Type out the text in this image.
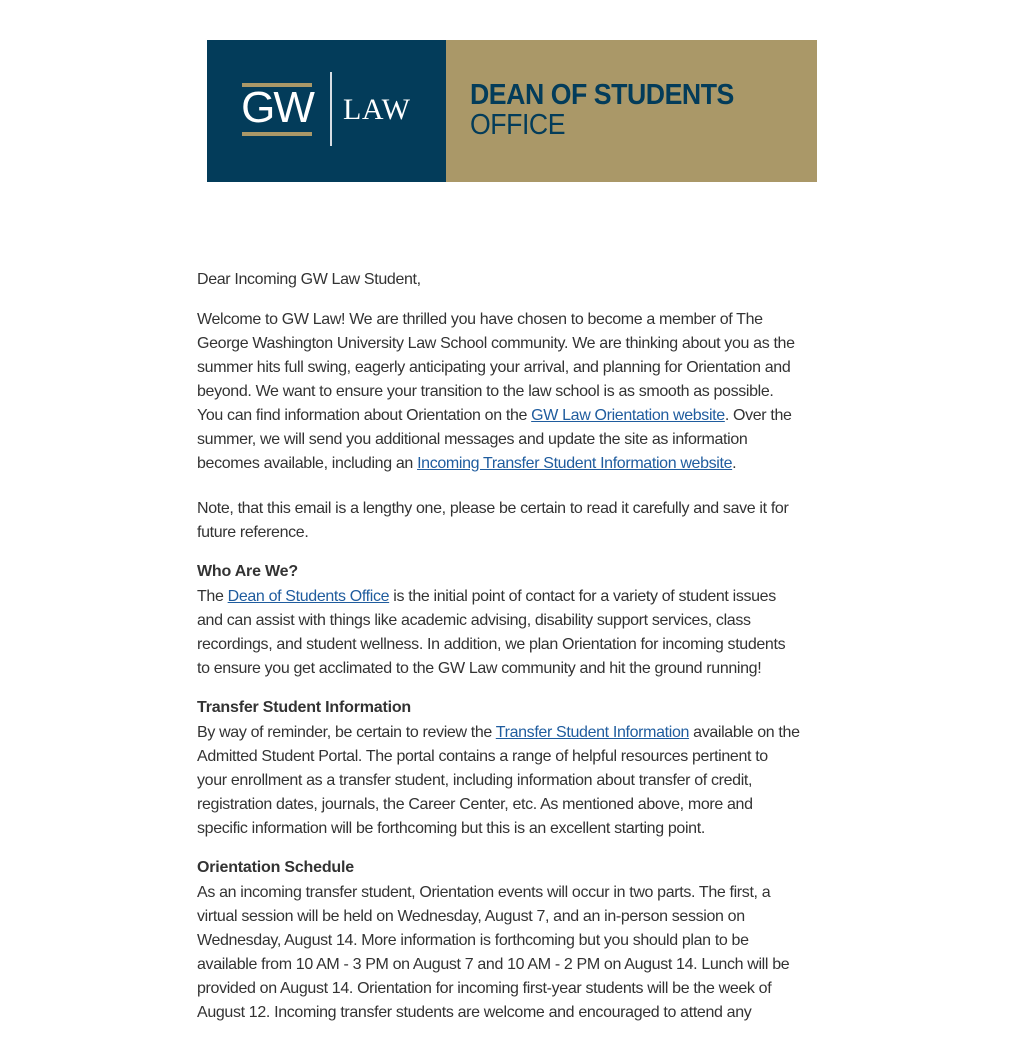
GW LAW DEAN OF STUDENTS
OFFICE

Dear Incoming GW Law Student,

Welcome to GW Law! We are thrilled you have chosen to become a member of The
George Washington University Law School community. We are thinking about you as the
summer hits full swing, eagerly anticipating your arrival, and planning for Orientation and
beyond. We want to ensure your transition to the law school is as smooth as possible.
You can find information about Orientation on the GW Law Orientation website. Over the
summer, we will send you additional messages and update the site as information
becomes available, including an Incoming Transfer Student Information website.

Note, that this email is a lengthy one, please be certain to read it carefully and save it for
future reference.

Who Are We?
The Dean of Students Office is the initial point of contact for a variety of student issues
and can assist with things like academic advising, disability support services, class
recordings, and student wellness. In addition, we plan Orientation for incoming students
to ensure you get acclimated to the GW Law community and hit the ground running!
Transfer Student Information
By way of reminder, be certain to review the Transfer Student Information available on the
Admitted Student Portal. The portal contains a range of helpful resources pertinent to
your enrollment as a transfer student, including information about transfer of credit,
registration dates, journals, the Career Center, etc. As mentioned above, more and
specific information will be forthcoming but this is an excellent starting point.
Orientation Schedule
As an incoming transfer student, Orientation events will occur in two parts. The first, a
virtual session will be held on Wednesday, August 7, and an in-person session on
Wednesday, August 14. More information is forthcoming but you should plan to be
available from 10 AM - 3 PM on August 7 and 10 AM - 2 PM on August 14. Lunch will be
provided on August 14. Orientation for incoming first-year students will be the week of
August 12. Incoming transfer students are welcome and encouraged to attend any
